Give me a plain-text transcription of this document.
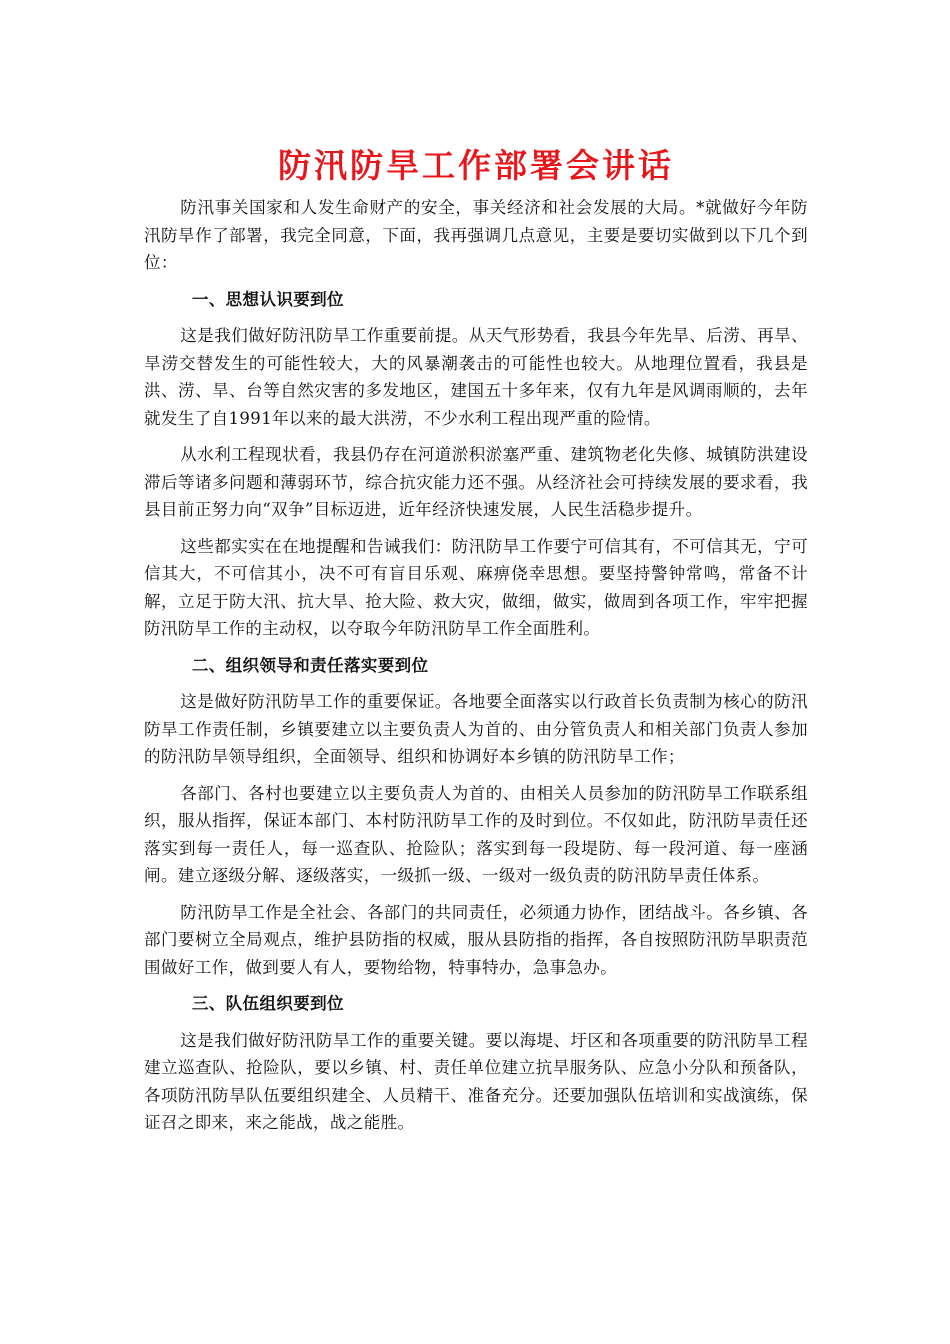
防汛防旱工作部署会讲话

防汛事关国家和人发生命财产的安全，事关经济和社会发展的大局。*就做好今年防汛防旱作了部署，我完全同意，下面，我再强调几点意见，主要是要切实做到以下几个到位：

一、思想认识要到位

这是我们做好防汛防旱工作重要前提。从天气形势看，我县今年先旱、后涝、再旱、旱涝交替发生的可能性较大，大的风暴潮袭击的可能性也较大。从地理位置看，我县是洪、涝、旱、台等自然灾害的多发地区，建国五十多年来，仅有九年是风调雨顺的，去年就发生了自1991年以来的最大洪涝，不少水利工程出现严重的险情。

从水利工程现状看，我县仍存在河道淤积淤塞严重、建筑物老化失修、城镇防洪建设滞后等诸多问题和薄弱环节，综合抗灾能力还不强。从经济社会可持续发展的要求看，我县目前正努力向“双争”目标迈进，近年经济快速发展，人民生活稳步提升。

这些都实实在在地提醒和告诫我们：防汛防旱工作要宁可信其有，不可信其无，宁可信其大，不可信其小，决不可有盲目乐观、麻痹侥幸思想。要坚持警钟常鸣，常备不计解，立足于防大汛、抗大旱、抢大险、救大灾，做细，做实，做周到各项工作，牢牢把握防汛防旱工作的主动权，以夺取今年防汛防旱工作全面胜利。

二、组织领导和责任落实要到位

这是做好防汛防旱工作的重要保证。各地要全面落实以行政首长负责制为核心的防汛防旱工作责任制，乡镇要建立以主要负责人为首的、由分管负责人和相关部门负责人参加的防汛防旱领导组织，全面领导、组织和协调好本乡镇的防汛防旱工作；

各部门、各村也要建立以主要负责人为首的、由相关人员参加的防汛防旱工作联系组织，服从指挥，保证本部门、本村防汛防旱工作的及时到位。不仅如此，防汛防旱责任还落实到每一责任人，每一巡查队、抢险队；落实到每一段堤防、每一段河道、每一座涵闸。建立逐级分解、逐级落实，一级抓一级、一级对一级负责的防汛防旱责任体系。

防汛防旱工作是全社会、各部门的共同责任，必须通力协作，团结战斗。各乡镇、各部门要树立全局观点，维护县防指的权威，服从县防指的指挥，各自按照防汛防旱职责范围做好工作，做到要人有人，要物给物，特事特办，急事急办。

三、队伍组织要到位

这是我们做好防汛防旱工作的重要关键。要以海堤、圩区和各项重要的防汛防旱工程建立巡查队、抢险队，要以乡镇、村、责任单位建立抗旱服务队、应急小分队和预备队，各项防汛防旱队伍要组织建全、人员精干、准备充分。还要加强队伍培训和实战演练，保证召之即来，来之能战，战之能胜。
